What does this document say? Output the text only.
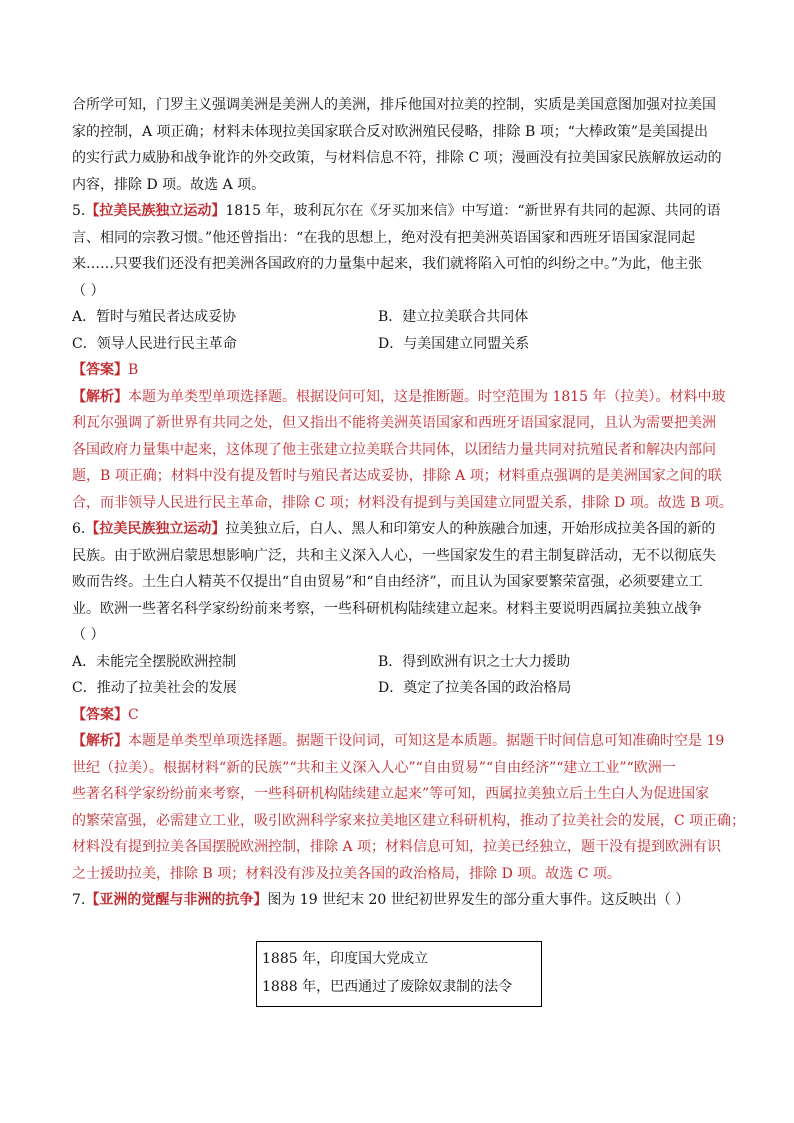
合所学可知，门罗主义强调美洲是美洲人的美洲，排斥他国对拉美的控制，实质是美国意图加强对拉美国
家的控制，A 项正确；材料未体现拉美国家联合反对欧洲殖民侵略，排除 B 项；“大棒政策”是美国提出
的实行武力威胁和战争讹诈的外交政策，与材料信息不符，排除 C 项；漫画没有拉美国家民族解放运动的
内容，排除 D 项。故选 A 项。
5.【拉美民族独立运动】1815 年，玻利瓦尔在《牙买加来信》中写道：“新世界有共同的起源、共同的语
言、相同的宗教习惯。”他还曾指出：“在我的思想上，绝对没有把美洲英语国家和西班牙语国家混同起
来……只要我们还没有把美洲各国政府的力量集中起来，我们就将陷入可怕的纠纷之中。”为此，他主张
（ ）
A．暂时与殖民者达成妥协	B．建立拉美联合共同体
C．领导人民进行民主革命	D．与美国建立同盟关系
【答案】B
【解析】本题为单类型单项选择题。根据设问可知，这是推断题。时空范围为 1815 年（拉美）。材料中玻
利瓦尔强调了新世界有共同之处，但又指出不能将美洲英语国家和西班牙语国家混同，且认为需要把美洲
各国政府力量集中起来，这体现了他主张建立拉美联合共同体，以团结力量共同对抗殖民者和解决内部问
题，B 项正确；材料中没有提及暂时与殖民者达成妥协，排除 A 项；材料重点强调的是美洲国家之间的联
合，而非领导人民进行民主革命，排除 C 项；材料没有提到与美国建立同盟关系，排除 D 项。故选 B 项。
6.【拉美民族独立运动】拉美独立后，白人、黑人和印第安人的种族融合加速，开始形成拉美各国的新的
民族。由于欧洲启蒙思想影响广泛，共和主义深入人心，一些国家发生的君主制复辟活动，无不以彻底失
败而告终。土生白人精英不仅提出“自由贸易”和“自由经济”，而且认为国家要繁荣富强，必须要建立工
业。欧洲一些著名科学家纷纷前来考察，一些科研机构陆续建立起来。材料主要说明西属拉美独立战争
（ ）
A．未能完全摆脱欧洲控制	B．得到欧洲有识之士大力援助
C．推动了拉美社会的发展	D．奠定了拉美各国的政治格局
【答案】C
【解析】本题是单类型单项选择题。据题干设问词，可知这是本质题。据题干时间信息可知准确时空是 19
世纪（拉美）。根据材料“新的民族”“共和主义深入人心”“自由贸易”“自由经济”“建立工业”“欧洲一
些著名科学家纷纷前来考察，一些科研机构陆续建立起来”等可知，西属拉美独立后土生白人为促进国家
的繁荣富强，必需建立工业，吸引欧洲科学家来拉美地区建立科研机构，推动了拉美社会的发展，C 项正确；
材料没有提到拉美各国摆脱欧洲控制，排除 A 项；材料信息可知，拉美已经独立，题干没有提到欧洲有识
之士援助拉美，排除 B 项；材料没有涉及拉美各国的政治格局，排除 D 项。故选 C 项。
7.【亚洲的觉醒与非洲的抗争】图为 19 世纪末 20 世纪初世界发生的部分重大事件。这反映出（ ）
1885 年，印度国大党成立
1888 年，巴西通过了废除奴隶制的法令
